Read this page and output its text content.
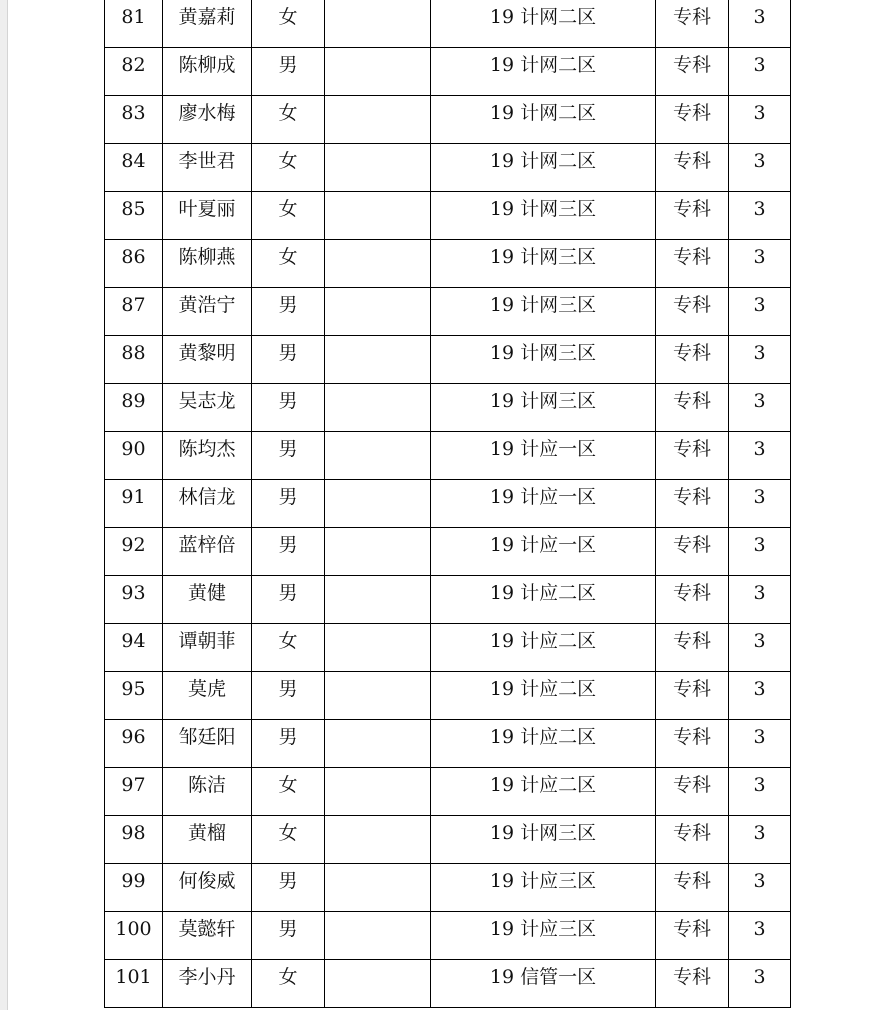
81	黄嘉莉	女		19 计网二区	专科	3
82	陈柳成	男		19 计网二区	专科	3
83	廖水梅	女		19 计网二区	专科	3
84	李世君	女		19 计网二区	专科	3
85	叶夏丽	女		19 计网三区	专科	3
86	陈柳燕	女		19 计网三区	专科	3
87	黄浩宁	男		19 计网三区	专科	3
88	黄黎明	男		19 计网三区	专科	3
89	吴志龙	男		19 计网三区	专科	3
90	陈均杰	男		19 计应一区	专科	3
91	林信龙	男		19 计应一区	专科	3
92	蓝梓倍	男		19 计应一区	专科	3
93	黄健	男		19 计应二区	专科	3
94	谭朝菲	女		19 计应二区	专科	3
95	莫虎	男		19 计应二区	专科	3
96	邹廷阳	男		19 计应二区	专科	3
97	陈洁	女		19 计应二区	专科	3
98	黄榴	女		19 计网三区	专科	3
99	何俊威	男		19 计应三区	专科	3
100	莫懿轩	男		19 计应三区	专科	3
101	李小丹	女		19 信管一区	专科	3
